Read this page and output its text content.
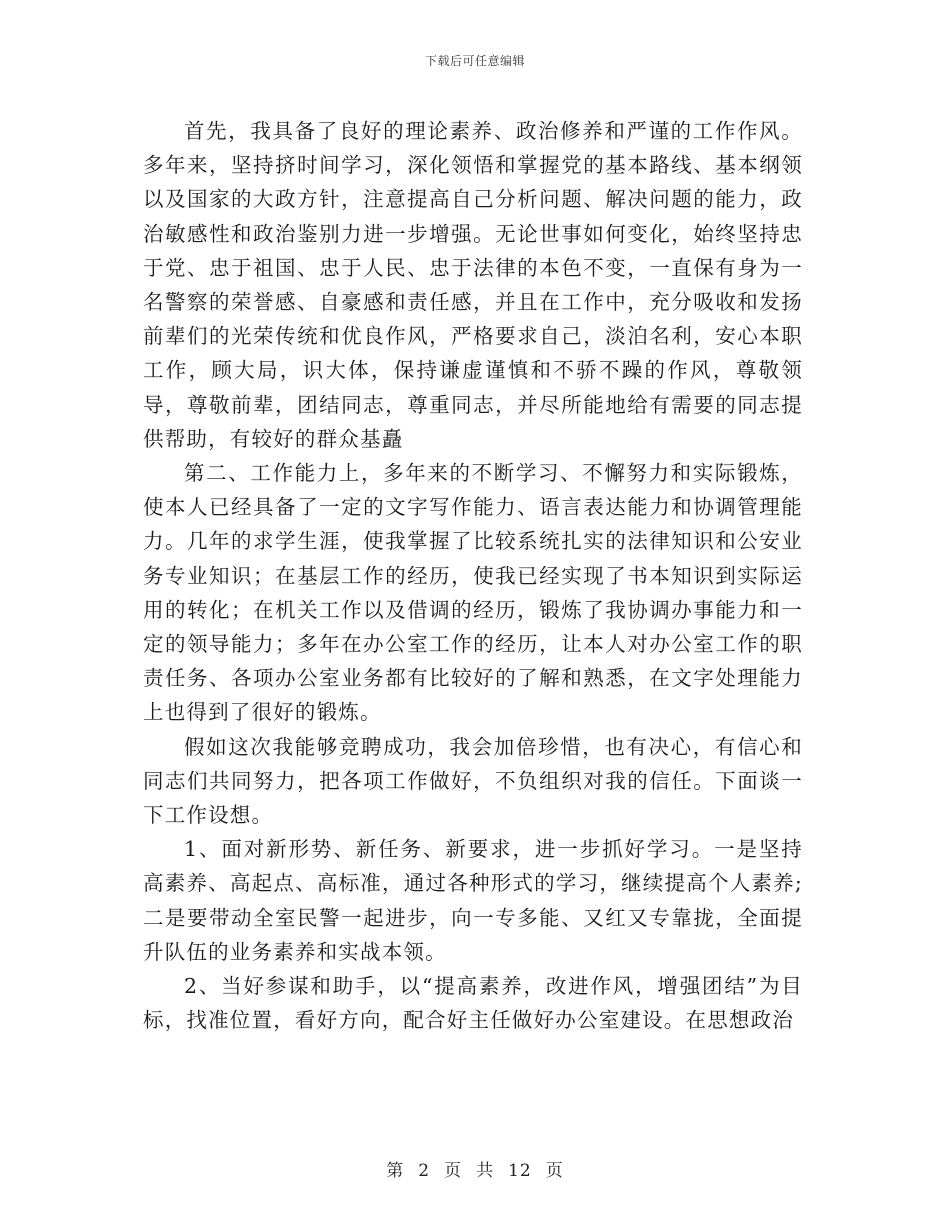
下载后可任意编辑

首先，我具备了良好的理论素养、政治修养和严谨的工作作风。多年来，坚持挤时间学习，深化领悟和掌握党的基本路线、基本纲领以及国家的大政方针，注意提高自己分析问题、解决问题的能力，政治敏感性和政治鉴别力进一步增强。无论世事如何变化，始终坚持忠于党、忠于祖国、忠于人民、忠于法律的本色不变，一直保有身为一名警察的荣誉感、自豪感和责任感，并且在工作中，充分吸收和发扬前辈们的光荣传统和优良作风，严格要求自己，淡泊名利，安心本职工作，顾大局，识大体，保持谦虚谨慎和不骄不躁的作风，尊敬领导，尊敬前辈，团结同志，尊重同志，并尽所能地给有需要的同志提供帮助，有较好的群众基矗

第二、工作能力上，多年来的不断学习、不懈努力和实际锻炼，使本人已经具备了一定的文字写作能力、语言表达能力和协调管理能力。几年的求学生涯，使我掌握了比较系统扎实的法律知识和公安业务专业知识；在基层工作的经历，使我已经实现了书本知识到实际运用的转化；在机关工作以及借调的经历，锻炼了我协调办事能力和一定的领导能力；多年在办公室工作的经历，让本人对办公室工作的职责任务、各项办公室业务都有比较好的了解和熟悉，在文字处理能力上也得到了很好的锻炼。

假如这次我能够竞聘成功，我会加倍珍惜，也有决心，有信心和同志们共同努力，把各项工作做好，不负组织对我的信任。下面谈一下工作设想。

1、面对新形势、新任务、新要求，进一步抓好学习。一是坚持高素养、高起点、高标准，通过各种形式的学习，继续提高个人素养;二是要带动全室民警一起进步，向一专多能、又红又专靠拢，全面提升队伍的业务素养和实战本领。

2、当好参谋和助手，以“提高素养，改进作风，增强团结”为目标，找准位置，看好方向，配合好主任做好办公室建设。在思想政治

第 2 页 共 12 页
